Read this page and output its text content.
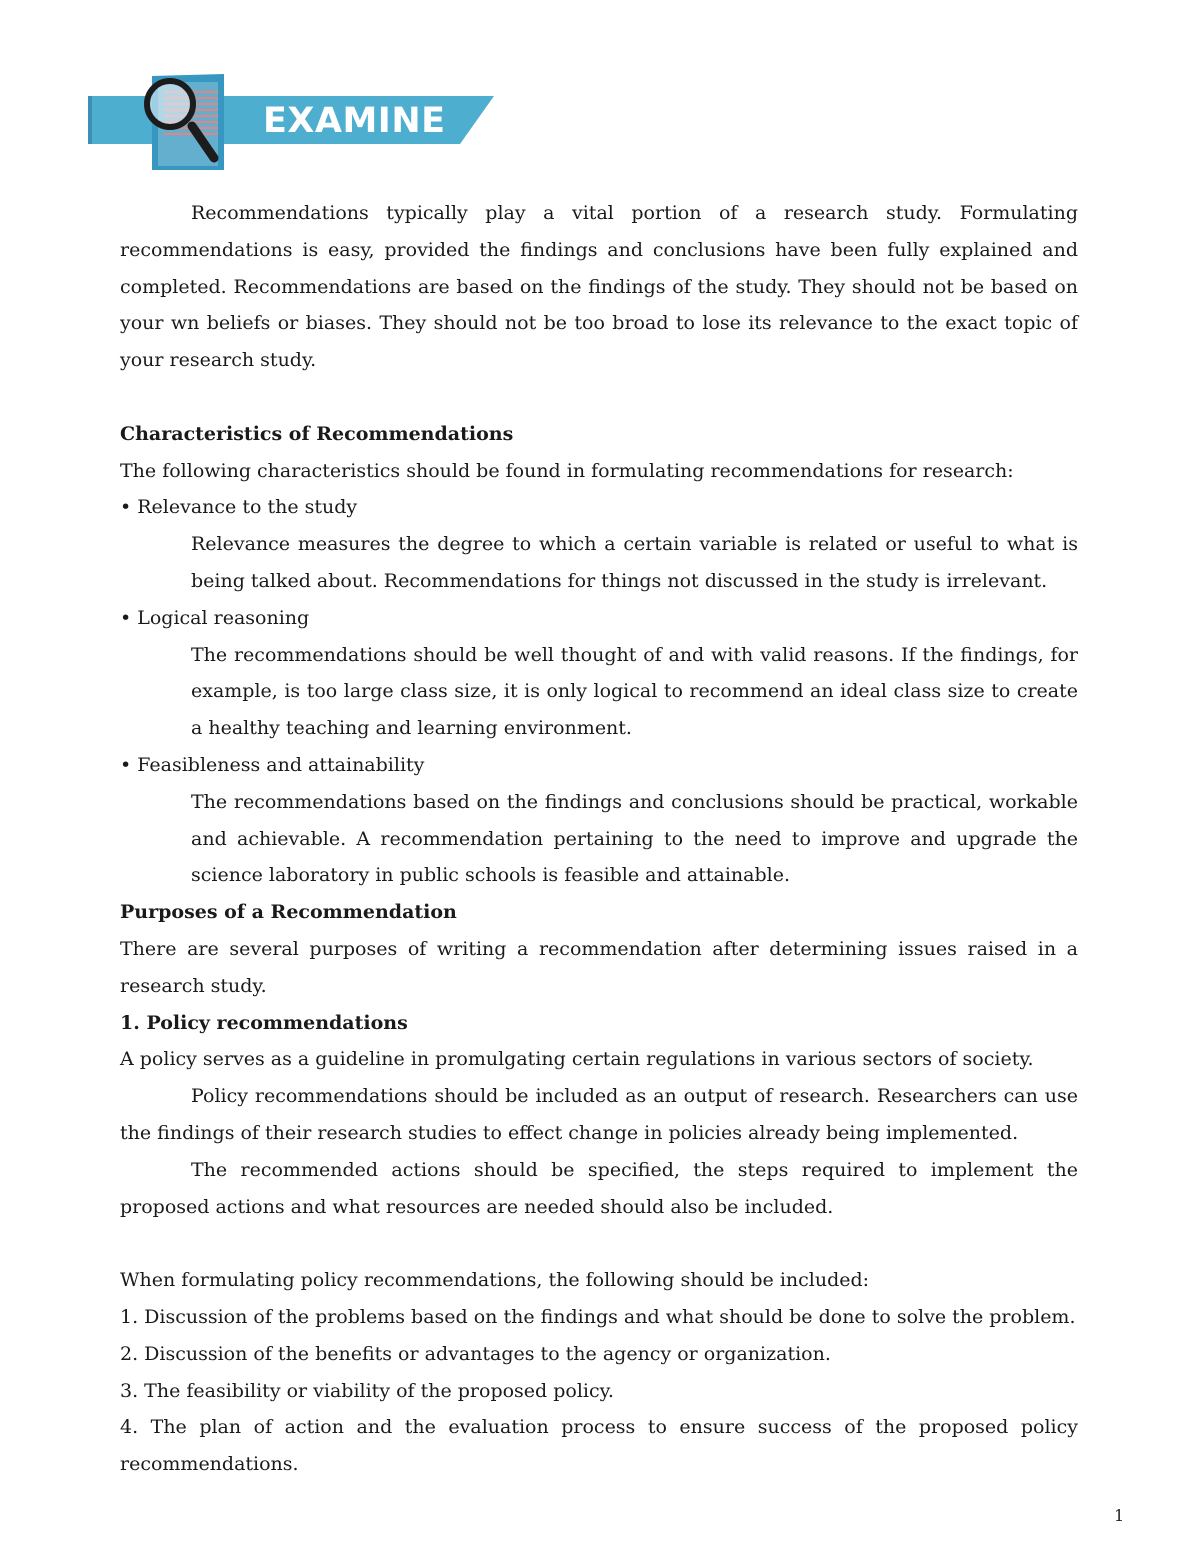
EXAMINE

Recommendations typically play a vital portion of a research study. Formulating recommendations is easy, provided the findings and conclusions have been fully explained and completed. Recommendations are based on the findings of the study. They should not be based on your wn beliefs or biases. They should not be too broad to lose its relevance to the exact topic of your research study.

Characteristics of Recommendations

The following characteristics should be found in formulating recommendations for research:

• Relevance to the study

Relevance measures the degree to which a certain variable is related or useful to what is being talked about. Recommendations for things not discussed in the study is irrelevant.

• Logical reasoning

The recommendations should be well thought of and with valid reasons. If the findings, for example, is too large class size, it is only logical to recommend an ideal class size to create a healthy teaching and learning environment.

• Feasibleness and attainability

The recommendations based on the findings and conclusions should be practical, workable and achievable. A recommendation pertaining to the need to improve and upgrade the science laboratory in public schools is feasible and attainable.

Purposes of a Recommendation

There are several purposes of writing a recommendation after determining issues raised in a research study.

1. Policy recommendations

A policy serves as a guideline in promulgating certain regulations in various sectors of society.

Policy recommendations should be included as an output of research. Researchers can use the findings of their research studies to effect change in policies already being implemented.

The recommended actions should be specified, the steps required to implement the proposed actions and what resources are needed should also be included.

When formulating policy recommendations, the following should be included:

1. Discussion of the problems based on the findings and what should be done to solve the problem.

2. Discussion of the benefits or advantages to the agency or organization.

3. The feasibility or viability of the proposed policy.

4. The plan of action and the evaluation process to ensure success of the proposed policy recommendations.

1
